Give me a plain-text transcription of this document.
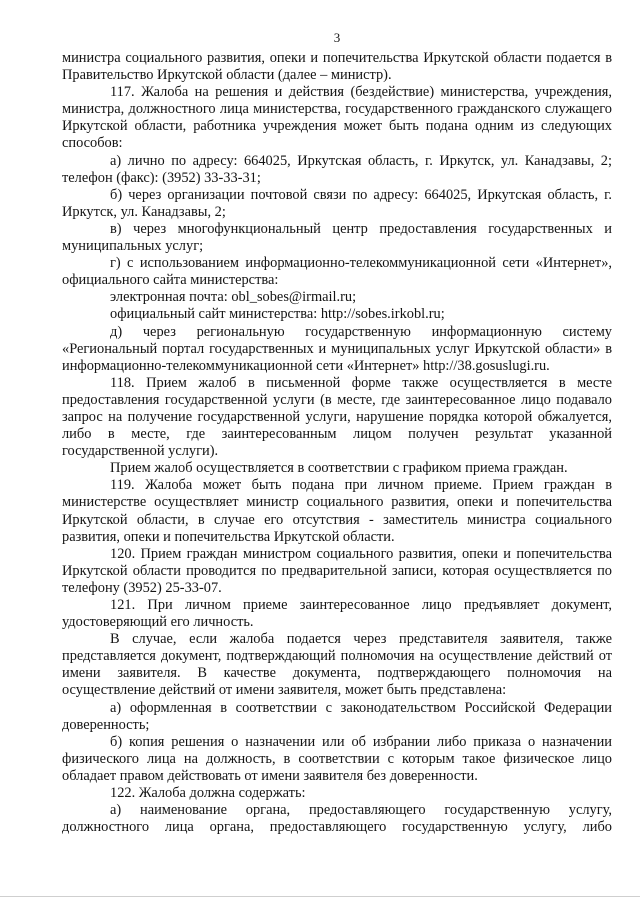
3

министра социального развития, опеки и попечительства Иркутской области подается в Правительство Иркутской области (далее – министр).

117. Жалоба на решения и действия (бездействие) министерства, учреждения, министра, должностного лица министерства, государственного гражданского служащего Иркутской области, работника учреждения может быть подана одним из следующих способов:

а) лично по адресу: 664025, Иркутская область, г. Иркутск, ул. Канадзавы, 2; телефон (факс): (3952) 33-33-31;

б) через организации почтовой связи по адресу: 664025, Иркутская область, г. Иркутск, ул. Канадзавы, 2;

в) через многофункциональный центр предоставления государственных и муниципальных услуг;

г) с использованием информационно-телекоммуникационной сети «Интернет», официального сайта министерства:

электронная почта: obl_sobes@irmail.ru;

официальный сайт министерства: http://sobes.irkobl.ru;

д) через региональную государственную информационную систему «Региональный портал государственных и муниципальных услуг Иркутской области» в информационно-телекоммуникационной сети «Интернет» http://38.gosuslugi.ru.

118. Прием жалоб в письменной форме также осуществляется в месте предоставления государственной услуги (в месте, где заинтересованное лицо подавало запрос на получение государственной услуги, нарушение порядка которой обжалуется, либо в месте, где заинтересованным лицом получен результат указанной государственной услуги).

Прием жалоб осуществляется в соответствии с графиком приема граждан.

119. Жалоба может быть подана при личном приеме. Прием граждан в министерстве осуществляет министр социального развития, опеки и попечительства Иркутской области, в случае его отсутствия - заместитель министра социального развития, опеки и попечительства Иркутской области.

120. Прием граждан министром социального развития, опеки и попечительства Иркутской области проводится по предварительной записи, которая осуществляется по телефону (3952) 25-33-07.

121. При личном приеме заинтересованное лицо предъявляет документ, удостоверяющий его личность.

В случае, если жалоба подается через представителя заявителя, также представляется документ, подтверждающий полномочия на осуществление действий от имени заявителя. В качестве документа, подтверждающего полномочия на осуществление действий от имени заявителя, может быть представлена:

а) оформленная в соответствии с законодательством Российской Федерации доверенность;

б) копия решения о назначении или об избрании либо приказа о назначении физического лица на должность, в соответствии с которым такое физическое лицо обладает правом действовать от имени заявителя без доверенности.

122. Жалоба должна содержать:

а) наименование органа, предоставляющего государственную услугу, должностного лица органа, предоставляющего государственную услугу, либо
